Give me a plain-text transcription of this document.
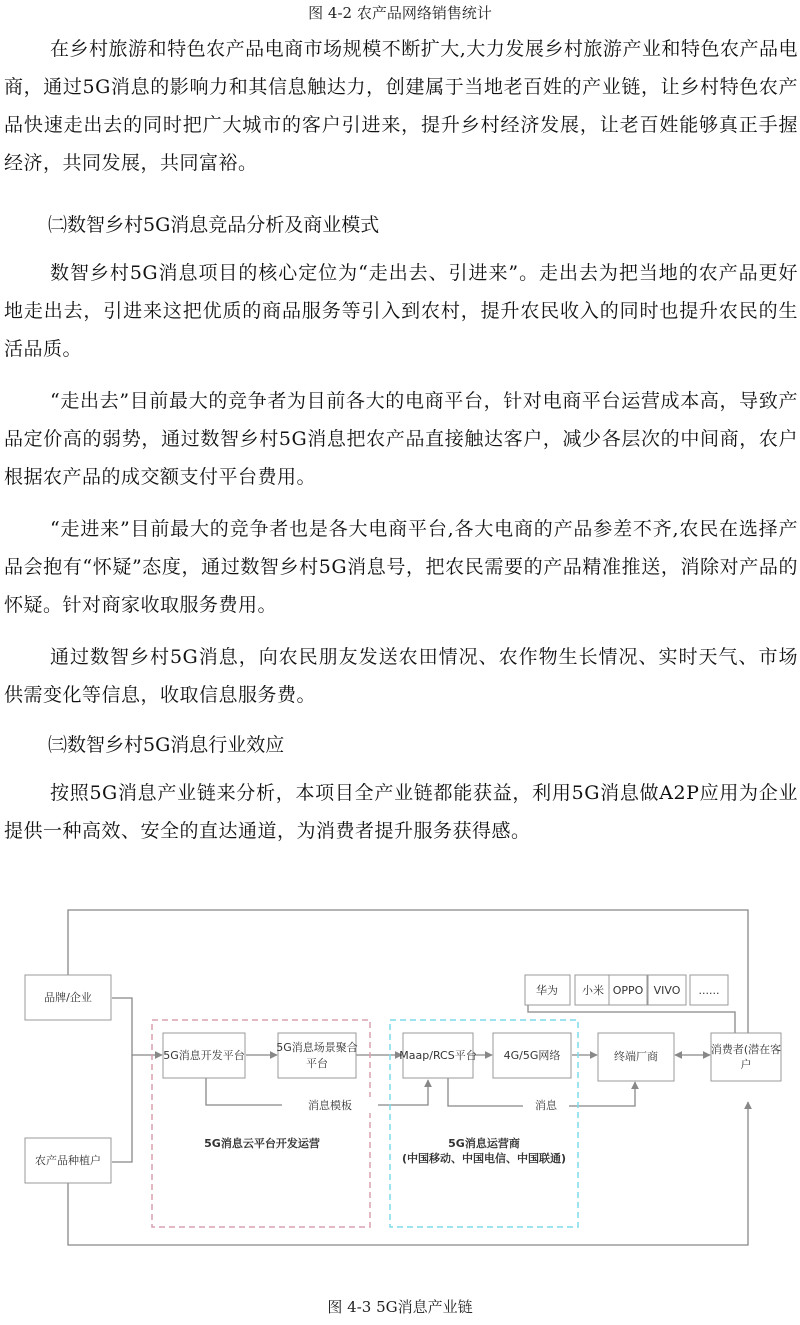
图 4-2 农产品网络销售统计
在乡村旅游和特色农产品电商市场规模不断扩大,大力发展乡村旅游产业和特色农产品电商，通过5G消息的影响力和其信息触达力，创建属于当地老百姓的产业链，让乡村特色农产品快速走出去的同时把广大城市的客户引进来，提升乡村经济发展，让老百姓能够真正手握经济，共同发展，共同富裕。
㈡数智乡村5G消息竞品分析及商业模式
数智乡村5G消息项目的核心定位为“走出去、引进来”。走出去为把当地的农产品更好地走出去，引进来这把优质的商品服务等引入到农村，提升农民收入的同时也提升农民的生活品质。
“走出去”目前最大的竞争者为目前各大的电商平台，针对电商平台运营成本高，导致产品定价高的弱势，通过数智乡村5G消息把农产品直接触达客户，减少各层次的中间商，农户根据农产品的成交额支付平台费用。
“走进来”目前最大的竞争者也是各大电商平台,各大电商的产品参差不齐,农民在选择产品会抱有“怀疑”态度，通过数智乡村5G消息号，把农民需要的产品精准推送，消除对产品的怀疑。针对商家收取服务费用。
通过数智乡村5G消息，向农民朋友发送农田情况、农作物生长情况、实时天气、市场供需变化等信息，收取信息服务费。
㈢数智乡村5G消息行业效应
按照5G消息产业链来分析，本项目全产业链都能获益，利用5G消息做A2P应用为企业提供一种高效、安全的直达通道，为消费者提升服务获得感。
品牌/企业
农产品种植户
5G消息开发平台
5G消息场景聚合
平台
Maap/RCS平台 4G/5G网络	终端厂商
消费者(潜在客
户
消息模板	消息
5G消息云平台开发运营	5G消息运营商
(中国移动、中国电信、中国联通)
华为 小米 OPPO VIVO ......
图 4-3 5G消息产业链
